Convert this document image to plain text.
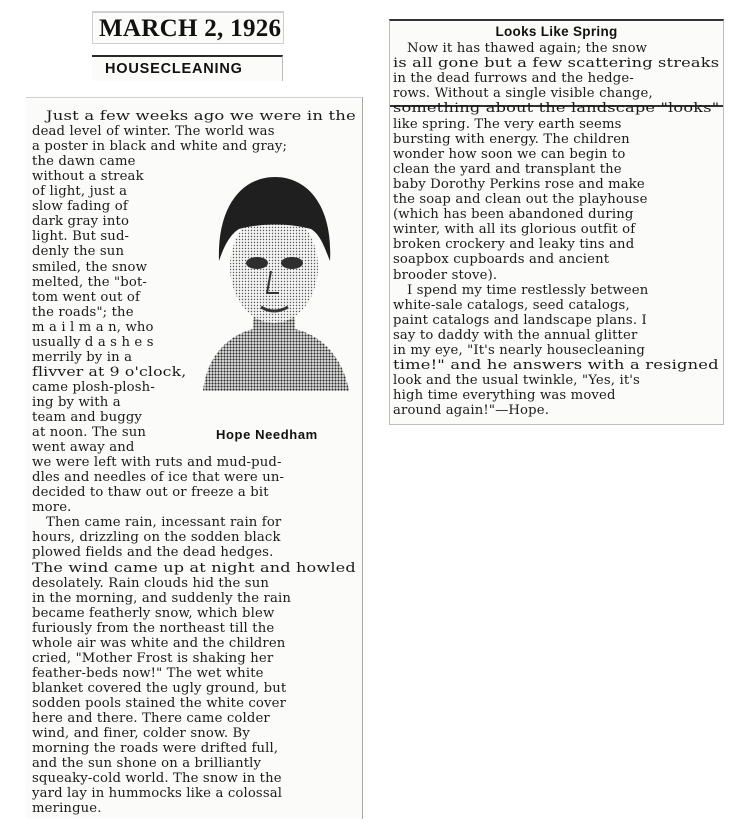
MARCH 2, 1926
HOUSECLEANING
Looks Like Spring
Hope Needham
Just a few weeks ago we were in the
dead level of winter. The world was
a poster in black and white and gray;
the dawn came
without a streak
of light, just a
slow fading of
dark gray into
light. But sud-
denly the sun
smiled, the snow
melted, the "bot-
tom went out of
the roads"; the
m a i l m a n, who
usually d a s h e s
merrily by in a
flivver at 9 o'clock,
came plosh-plosh-
ing by with a
team and buggy
at noon. The sun
went away and
we were left with ruts and mud-pud-
dles and needles of ice that were un-
decided to thaw out or freeze a bit
more.
Then came rain, incessant rain for
hours, drizzling on the sodden black
plowed fields and the dead hedges.
The wind came up at night and howled
desolately. Rain clouds hid the sun
in the morning, and suddenly the rain
became featherly snow, which blew
furiously from the northeast till the
whole air was white and the children
cried, "Mother Frost is shaking her
feather-beds now!" The wet white
blanket covered the ugly ground, but
sodden pools stained the white cover
here and there. There came colder
wind, and finer, colder snow. By
morning the roads were drifted full,
and the sun shone on a brilliantly
squeaky-cold world. The snow in the
yard lay in hummocks like a colossal
meringue.
Now it has thawed again; the snow
is all gone but a few scattering streaks
in the dead furrows and the hedge-
rows. Without a single visible change,
something about the landscape "looks"
like spring. The very earth seems
bursting with energy. The children
wonder how soon we can begin to
clean the yard and transplant the
baby Dorothy Perkins rose and make
the soap and clean out the playhouse
(which has been abandoned during
winter, with all its glorious outfit of
broken crockery and leaky tins and
soapbox cupboards and ancient
brooder stove).
I spend my time restlessly between
white-sale catalogs, seed catalogs,
paint catalogs and landscape plans. I
say to daddy with the annual glitter
in my eye, "It's nearly housecleaning
time!" and he answers with a resigned
look and the usual twinkle, "Yes, it's
high time everything was moved
around again!"—Hope.
